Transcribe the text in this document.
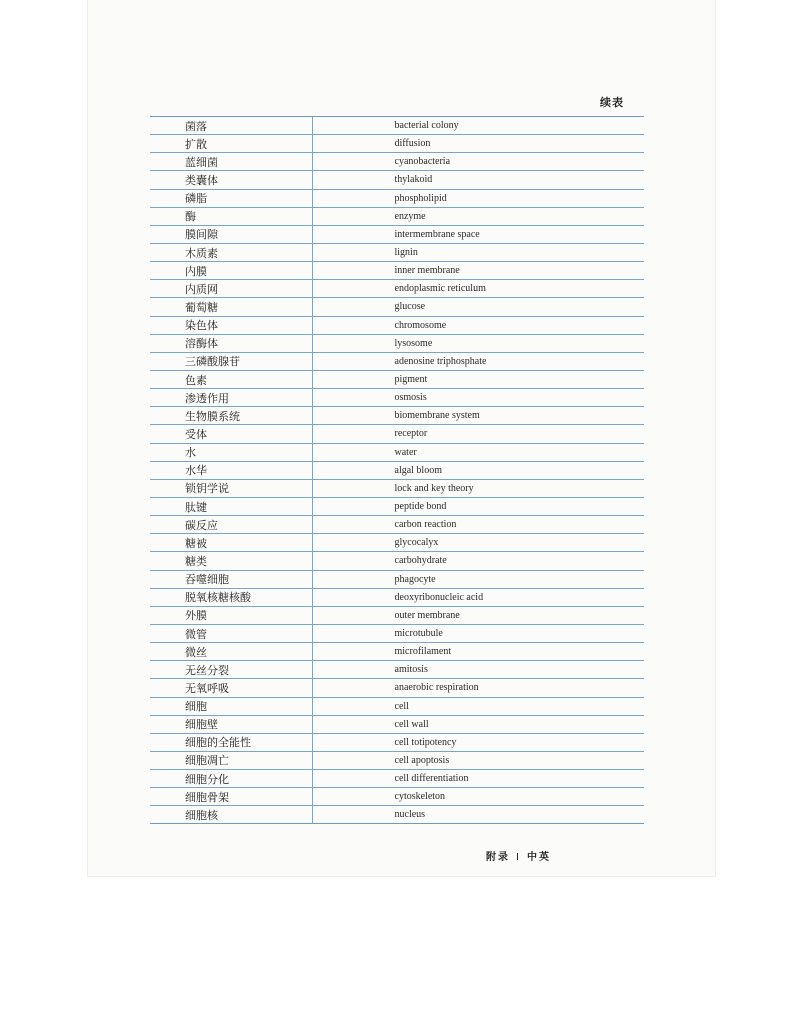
续表
菌落	bacterial colony
扩散	diffusion
蓝细菌	cyanobacteria
类囊体	thylakoid
磷脂	phospholipid
酶	enzyme
膜间隙	intermembrane space
木质素	lignin
内膜	inner membrane
内质网	endoplasmic reticulum
葡萄糖	glucose
染色体	chromosome
溶酶体	lysosome
三磷酸腺苷	adenosine triphosphate
色素	pigment
渗透作用	osmosis
生物膜系统	biomembrane system
受体	receptor
水	water
水华	algal bloom
锁钥学说	lock and key theory
肽键	peptide bond
碳反应	carbon reaction
糖被	glycocalyx
糖类	carbohydrate
吞噬细胞	phagocyte
脱氧核糖核酸	deoxyribonucleic acid
外膜	outer membrane
微管	microtubule
微丝	microfilament
无丝分裂	amitosis
无氧呼吸	anaerobic respiration
细胞	cell
细胞壁	cell wall
细胞的全能性	cell totipotency
细胞凋亡	cell apoptosis
细胞分化	cell differentiation
细胞骨架	cytoskeleton
细胞核	nucleus
附录 I 中英
